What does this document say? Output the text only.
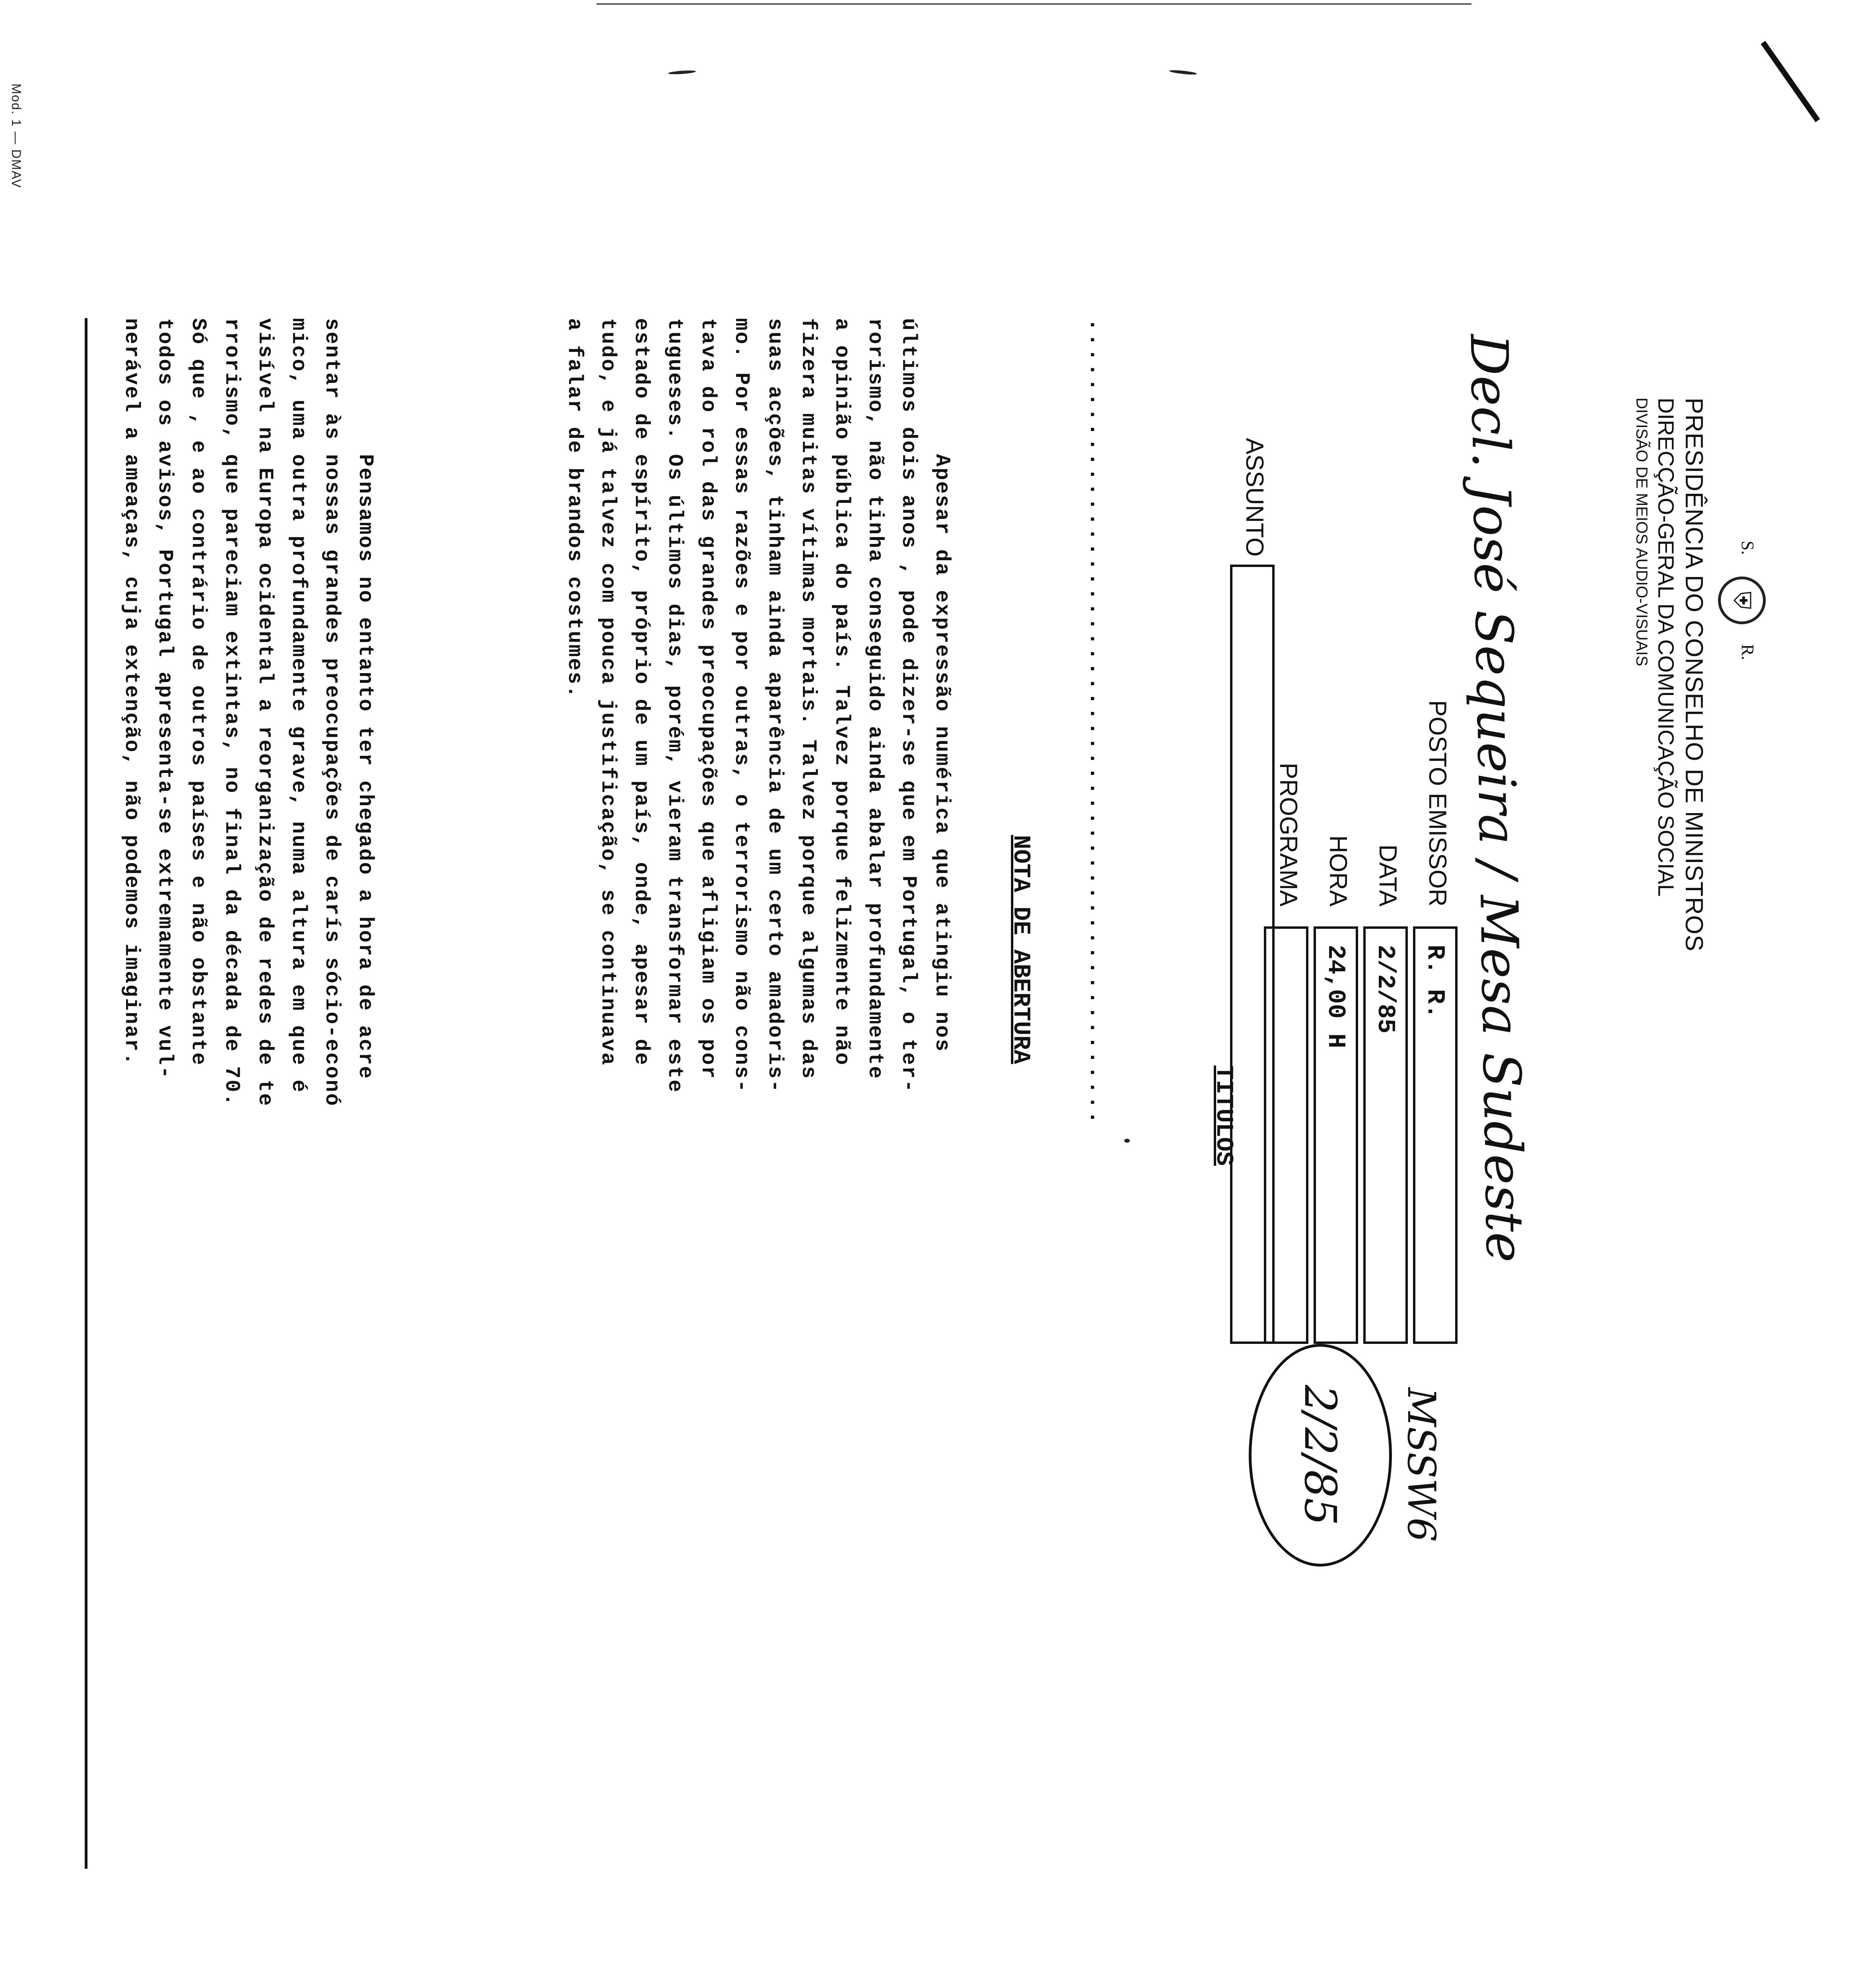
Mod. 1 — DMAV
S.
⛨
R.
PRESIDÊNCIA DO CONSELHO DE MINISTROS
DIRECÇÃO-GERAL DA COMUNICAÇÃO SOCIAL
DIVISÃO DE MEIOS AUDIO-VISUAIS
Decl. José Sequeira / Mesa Sudeste
MSSW6
2/2/85
POSTO EMISSOR
R. R.
DATA
2/2/85
HORA
24,00 H
PROGRAMA
ASSUNTO
TITULOS
......................................................
NOTA DE ABERTURA
Apesar da expressão numérica que atingiu nos
últimos dois anos , pode dizer-se que em Portugal, o ter-
rorismo, não tinha conseguido ainda abalar profundamente
a opinião pública do país. Talvez porque felizmente não
fizera muitas vítimas mortais. Talvez porque algumas das
suas acções, tinham ainda aparência de um certo amadoris-
mo. Por essas razões e por outras, o terrorismo não cons-
tava do rol das grandes preocupações que afligiam os por
tugueses. Os últimos dias, porém, vieram transformar este
estado de espírito, próprio de um país, onde, apesar de
tudo, e já talvez com pouca justificação, se continuava
a falar de brandos costumes.
Pensamos no entanto ter chegado a hora de acre
sentar às nossas grandes preocupações de carís sócio-econó
mico, uma outra profundamente grave, numa altura em que é
visível na Europa ocidental a reorganização de redes de te
rrorismo, que pareciam extintas, no final da década de 70.
Só que , e ao contrário de outros países e não obstante
todos os avisos, Portugal apresenta-se extremamente vul-
nerável a ameaças, cuja extenção, não podemos imaginar.
